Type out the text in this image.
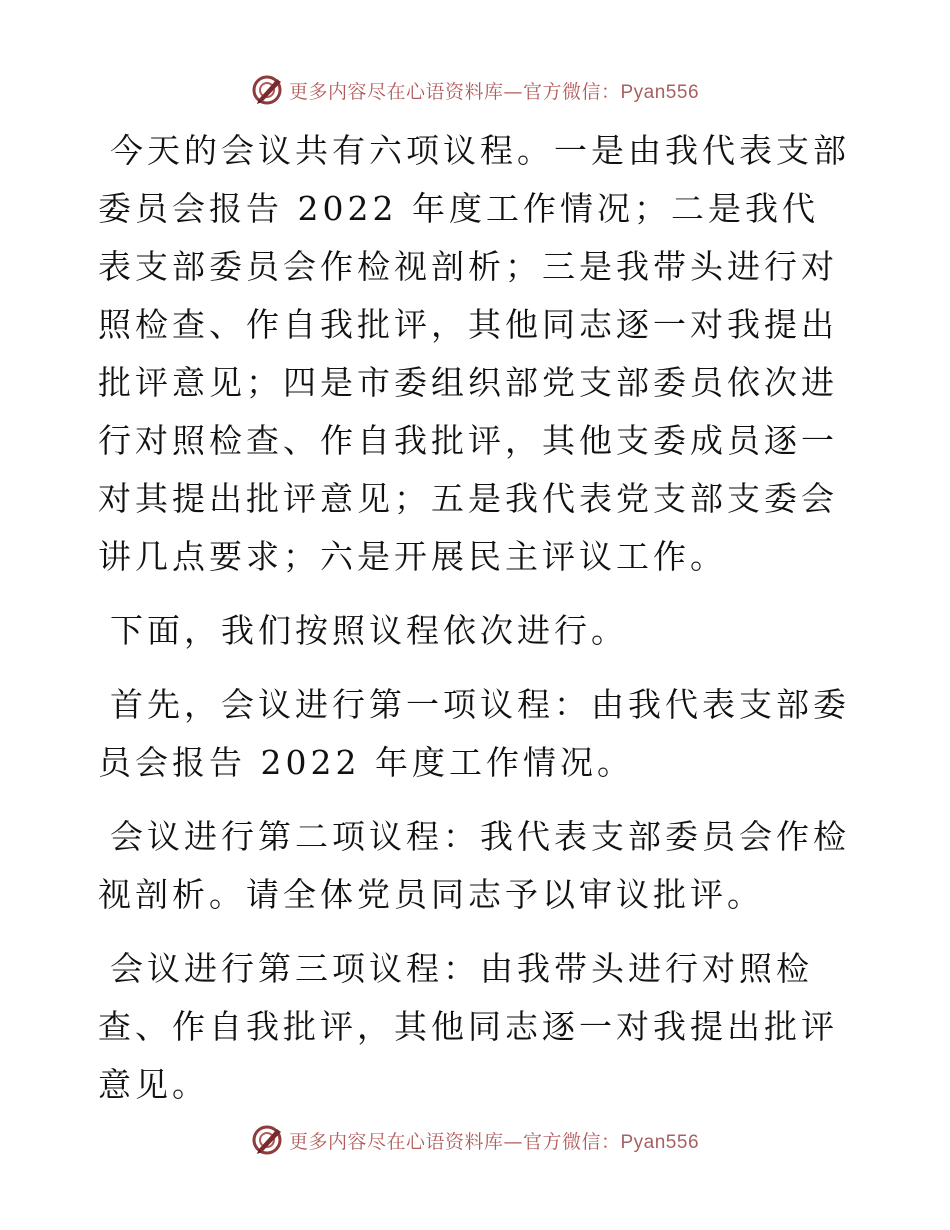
更多内容尽在心语资料库—官方微信：Pyan556

今天的会议共有六项议程。一是由我代表支部委员会报告 2022 年度工作情况；二是我代表支部委员会作检视剖析；三是我带头进行对照检查、作自我批评，其他同志逐一对我提出批评意见；四是市委组织部党支部委员依次进行对照检查、作自我批评，其他支委成员逐一对其提出批评意见；五是我代表党支部支委会讲几点要求；六是开展民主评议工作。

下面，我们按照议程依次进行。

首先，会议进行第一项议程：由我代表支部委员会报告 2022 年度工作情况。

会议进行第二项议程：我代表支部委员会作检视剖析。请全体党员同志予以审议批评。

会议进行第三项议程：由我带头进行对照检查、作自我批评，其他同志逐一对我提出批评意见。

更多内容尽在心语资料库—官方微信：Pyan556
